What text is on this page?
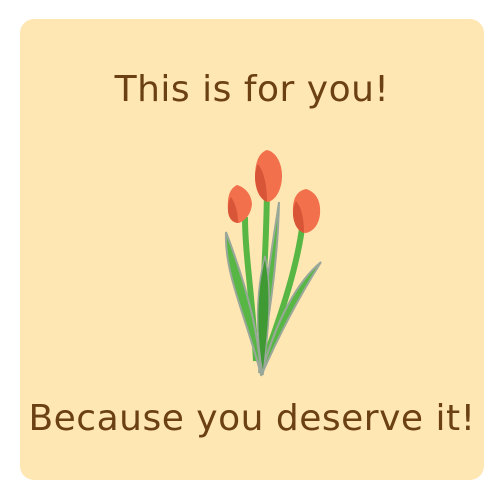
This is for you!
Because you deserve it!
